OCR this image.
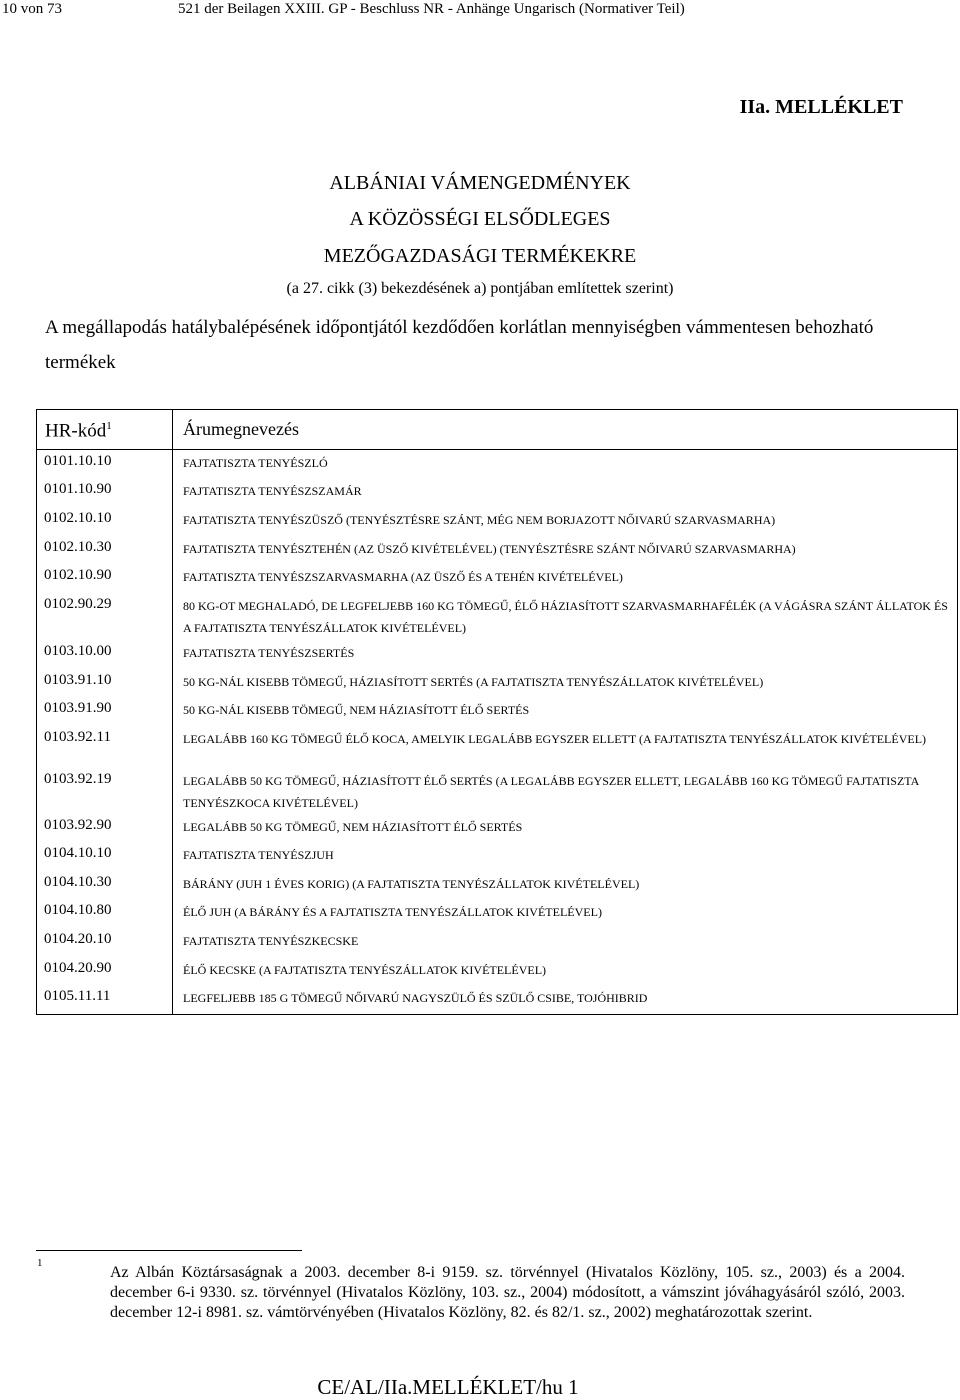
10 von 73	521 der Beilagen XXIII. GP - Beschluss NR - Anhänge Ungarisch (Normativer Teil)
IIa. MELLÉKLET
ALBÁNIAI VÁMENGEDMÉNYEK
A KÖZÖSSÉGI ELSŐDLEGES
MEZŐGAZDASÁGI TERMÉKEKRE
(a 27. cikk (3) bekezdésének a) pontjában említettek szerint)
A megállapodás hatálybalépésének időpontjától kezdődően korlátlan mennyiségben vámmentesen behozható termékek
HR-kód$^1$	Árumegnevezés
0101.10.10	FAJTATISZTA TENYÉSZLÓ
0101.10.90	FAJTATISZTA TENYÉSZSZAMÁR
0102.10.10	FAJTATISZTA TENYÉSZÜSZŐ (TENYÉSZTÉSRE SZÁNT, MÉG NEM BORJAZOTT NŐIVARÚ SZARVASMARHA)
0102.10.30	FAJTATISZTA TENYÉSZTEHÉN (AZ ÜSZŐ KIVÉTELÉVEL) (TENYÉSZTÉSRE SZÁNT NŐIVARÚ SZARVASMARHA)
0102.10.90	FAJTATISZTA TENYÉSZSZARVASMARHA (AZ ÜSZŐ ÉS A TEHÉN KIVÉTELÉVEL)
0102.90.29	80 KG-OT MEGHALADÓ, DE LEGFELJEBB 160 KG TÖMEGŰ, ÉLŐ HÁZIASÍTOTT SZARVASMARHAFÉLÉK (A VÁGÁSRA SZÁNT ÁLLATOK ÉS A FAJTATISZTA TENYÉSZÁLLATOK KIVÉTELÉVEL)
0103.10.00	FAJTATISZTA TENYÉSZSERTÉS
0103.91.10	50 KG-NÁL KISEBB TÖMEGŰ, HÁZIASÍTOTT SERTÉS (A FAJTATISZTA TENYÉSZÁLLATOK KIVÉTELÉVEL)
0103.91.90	50 KG-NÁL KISEBB TÖMEGŰ, NEM HÁZIASÍTOTT ÉLŐ SERTÉS
0103.92.11	LEGALÁBB 160 KG TÖMEGŰ ÉLŐ KOCA, AMELYIK LEGALÁBB EGYSZER ELLETT (A FAJTATISZTA TENYÉSZÁLLATOK KIVÉTELÉVEL)
0103.92.19	LEGALÁBB 50 KG TÖMEGŰ, HÁZIASÍTOTT ÉLŐ SERTÉS (A LEGALÁBB EGYSZER ELLETT, LEGALÁBB 160 KG TÖMEGŰ FAJTATISZTA TENYÉSZKOCA KIVÉTELÉVEL)
0103.92.90	LEGALÁBB 50 KG TÖMEGŰ, NEM HÁZIASÍTOTT ÉLŐ SERTÉS
0104.10.10	FAJTATISZTA TENYÉSZJUH
0104.10.30	BÁRÁNY (JUH 1 ÉVES KORIG) (A FAJTATISZTA TENYÉSZÁLLATOK KIVÉTELÉVEL)
0104.10.80	ÉLŐ JUH (A BÁRÁNY ÉS A FAJTATISZTA TENYÉSZÁLLATOK KIVÉTELÉVEL)
0104.20.10	FAJTATISZTA TENYÉSZKECSKE
0104.20.90	ÉLŐ KECSKE (A FAJTATISZTA TENYÉSZÁLLATOK KIVÉTELÉVEL)
0105.11.11	LEGFELJEBB 185 G TÖMEGŰ NŐIVARÚ NAGYSZÜLŐ ÉS SZÜLŐ CSIBE, TOJÓHIBRID
1
Az Albán Köztársaságnak a 2003. december 8-i 9159. sz. törvénnyel (Hivatalos Közlöny, 105. sz., 2003) és a 2004. december 6-i 9330. sz. törvénnyel (Hivatalos Közlöny, 103. sz., 2004) módosított, a vámszint jóváhagyásáról szóló, 2003. december 12-i 8981. sz. vámtörvényében (Hivatalos Közlöny, 82. és 82/1. sz., 2002) meghatározottak szerint.
CE/AL/IIa.MELLÉKLET/hu 1
